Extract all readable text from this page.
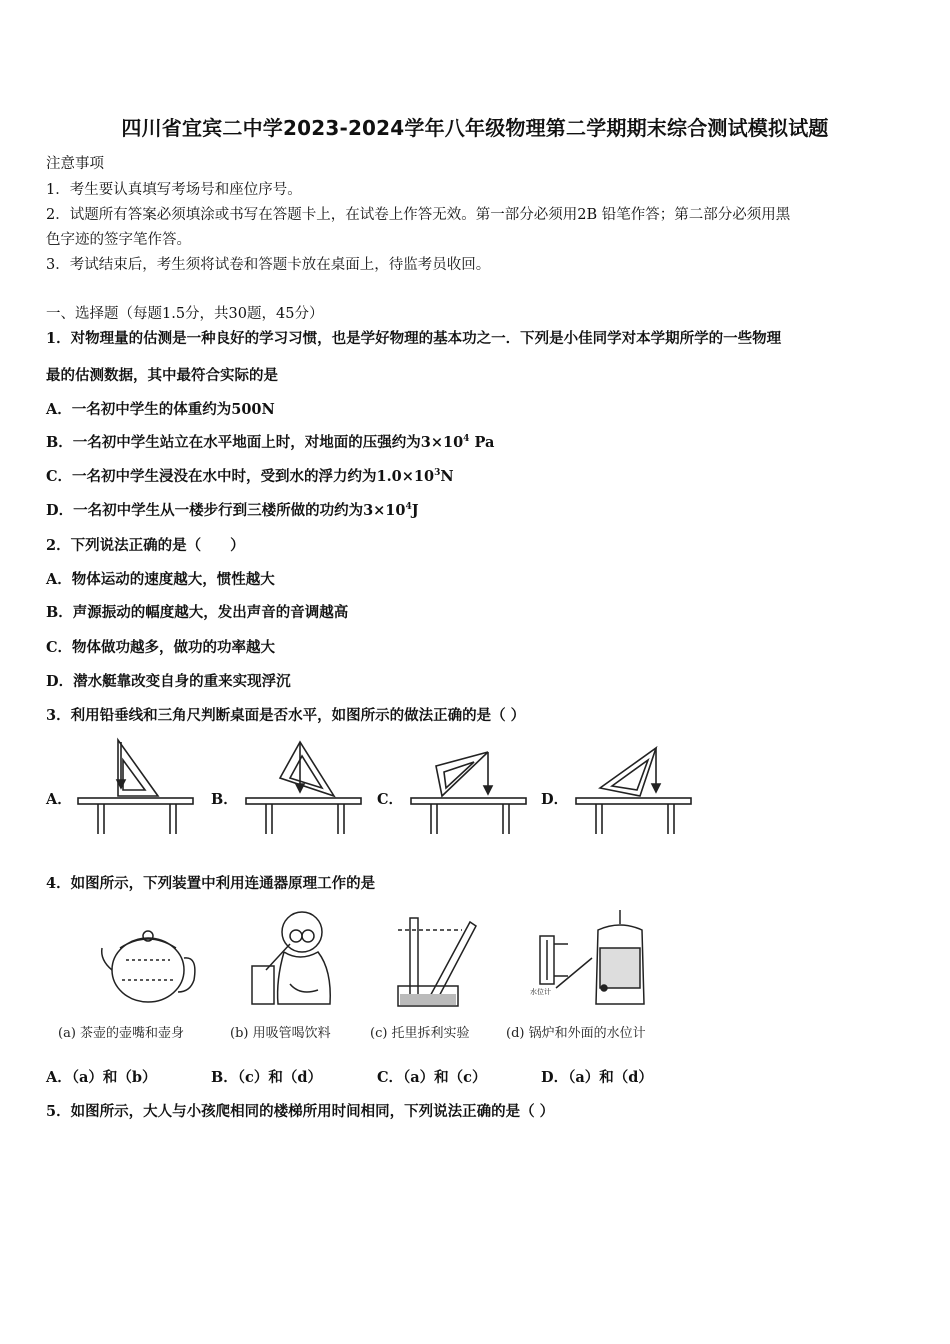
四川省宜宾二中学2023-2024学年八年级物理第二学期期末综合测试模拟试题
注意事项
1．考生要认真填写考场号和座位序号。
2．试题所有答案必须填涂或书写在答题卡上，在试卷上作答无效。第一部分必须用2B 铅笔作答；第二部分必须用黑
色字迹的签字笔作答。
3．考试结束后，考生须将试卷和答题卡放在桌面上，待监考员收回。
一、选择题（每题1.5分，共30题，45分）
1．对物理量的估测是一种良好的学习习惯，也是学好物理的基本功之一．下列是小佳同学对本学期所学的一些物理
最的估测数据，其中最符合实际的是
A．一名初中学生的体重约为500N
B．一名初中学生站立在水平地面上时，对地面的压强约为$3\times 10^4$ Pa
C．一名初中学生浸没在水中时，受到水的浮力约为$1.0\times 10^3N$
D．一名初中学生从一楼步行到三楼所做的功约为$3\times 10^4J$
2．下列说法正确的是（　　）
A．物体运动的速度越大，惯性越大
B．声源振动的幅度越大，发出声音的音调越高
C．物体做功越多，做功的功率越大
D．潜水艇靠改变自身的重来实现浮沉
3．利用铅垂线和三角尺判断桌面是否水平，如图所示的做法正确的是（ ）
A．	B．	C．	D．
4．如图所示，下列装置中利用连通器原理工作的是
水位计
(a) 茶壶的壶嘴和壶身	(b) 用吸管喝饮料	(c) 托里拆利实验	(d) 锅炉和外面的水位计
A．（a）和（b）	B．（c）和（d）	C．（a）和（c）	D．（a）和（d）
5．如图所示，大人与小孩爬相同的楼梯所用时间相同，下列说法正确的是（ ）
